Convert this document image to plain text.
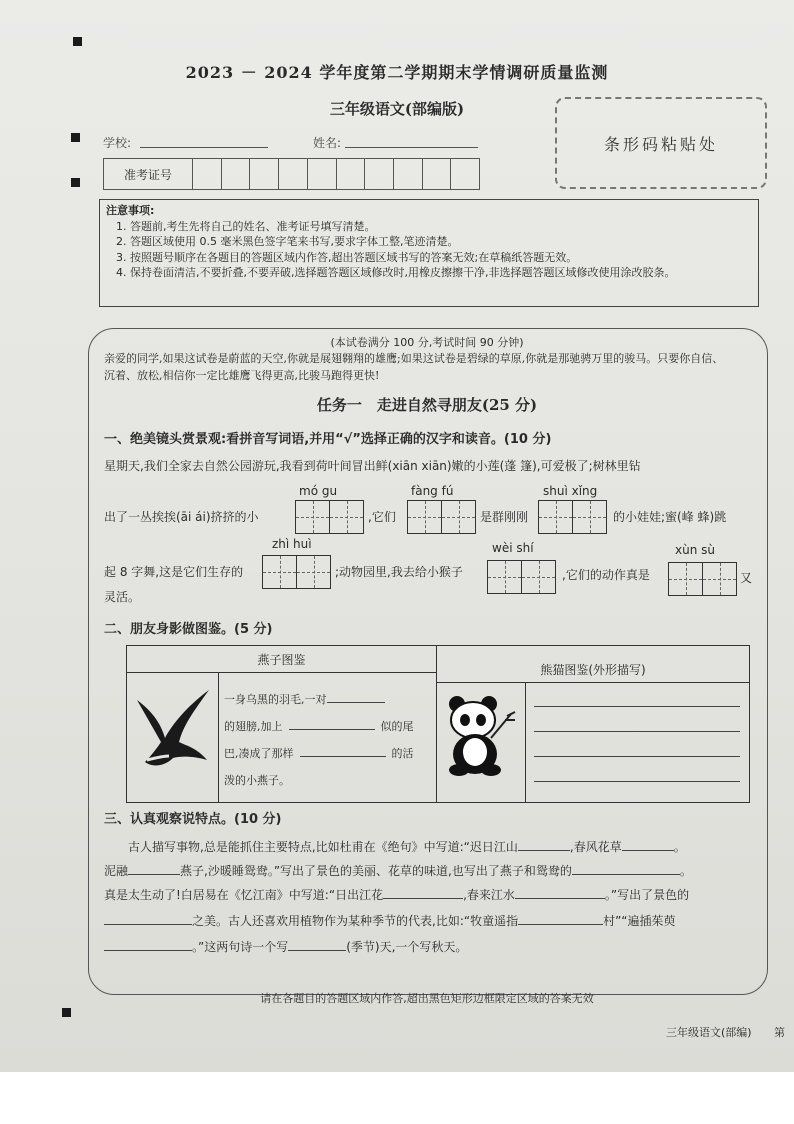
2023 － 2024 学年度第二学期期末学情调研质量监测
三年级语文(部编版)
条形码粘贴处
学校:	姓名:
准考证号
注意事项:
1. 答题前,考生先将自己的姓名、准考证号填写清楚。
2. 答题区域使用 0.5 毫米黑色签字笔来书写,要求字体工整,笔迹清楚。
3. 按照题号顺序在各题目的答题区域内作答,超出答题区域书写的答案无效;在草稿纸答题无效。
4. 保持卷面清洁,不要折叠,不要弄破,选择题答题区域修改时,用橡皮擦擦干净,非选择题答题区域修改使用涂改胶条。
(本试卷满分 100 分,考试时间 90 分钟)
亲爱的同学,如果这试卷是蔚蓝的天空,你就是展翅翱翔的雄鹰;如果这试卷是碧绿的草原,你就是那驰骋万里的骏马。只要你自信、沉着、放松,相信你一定比雄鹰飞得更高,比骏马跑得更快!
任务一　走进自然寻朋友(25 分)
一、绝美镜头赏景观:看拼音写词语,并用“√”选择正确的汉字和读音。(10 分)
星期天,我们全家去自然公园游玩,我看到荷叶间冒出鲜(xiān xiān)嫩的小莲(蓬 篷),可爱极了;树林里钻
mó gu	fàng fú	shuì xǐng
出了一丛挨挨(āi ái)挤挤的小	,它们	是群刚刚	的小娃娃;蜜(峰 蜂)跳
zhì huì	wèi shí	xùn sù
起 8 字舞,这是它们生存的	;动物园里,我去给小猴子	,它们的动作真是	又
灵活。
二、朋友身影做图鉴。(5 分)
燕子图鉴
熊猫图鉴(外形描写)
一身乌黑的羽毛,一对
的翅膀,加上	似的尾
巴,凑成了那样	的活
泼的小燕子。
三、认真观察说特点。(10 分)
古人描写事物,总是能抓住主要特点,比如杜甫在《绝句》中写道:“迟日江山	,春风花草	。
泥融	燕子,沙暖睡鸳鸯。”写出了景色的美丽、花草的味道,也写出了燕子和鸳鸯的	。
真是太生动了!白居易在《忆江南》中写道:“日出江花	,春来江水	。”写出了景色的
之美。古人还喜欢用植物作为某种季节的代表,比如:“牧童遥指	村”“遍插茱萸
。”这两句诗一个写	(季节)天,一个写秋天。
请在各题目的答题区域内作答,超出黑色矩形边框限定区域的答案无效
三年级语文(部编) 第
